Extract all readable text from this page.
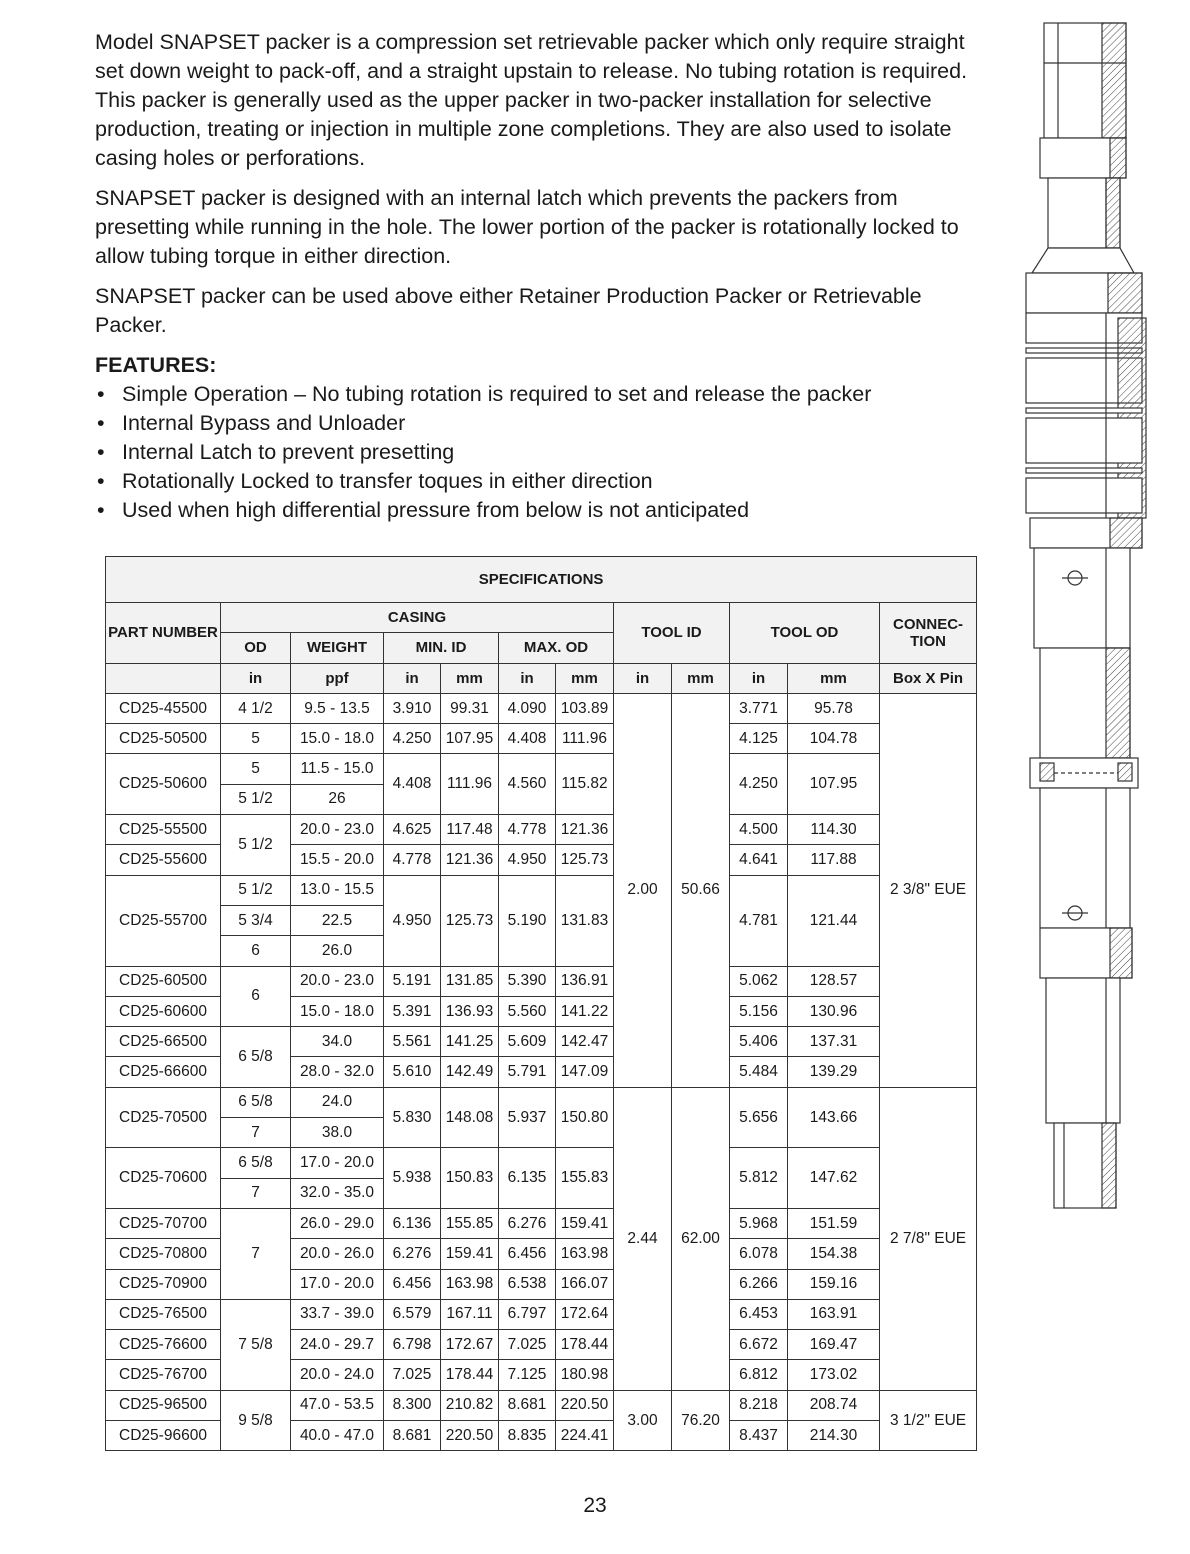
Model SNAPSET packer is a compression set retrievable packer which only require straight set down weight to pack-off, and a straight upstain to release. No tubing rotation is required. This packer is generally used as the upper packer in two-packer installation for selective production, treating or injection in multiple zone completions. They are also used to isolate casing holes or perforations.

SNAPSET packer is designed with an internal latch which prevents the packers from presetting while running in the hole. The lower portion of the packer is rotationally locked to allow tubing torque in either direction.

SNAPSET packer can be used above either Retainer Production Packer or Retrievable Packer.

FEATURES:
• Simple Operation – No tubing rotation is required to set and release the packer
• Internal Bypass and Unloader
• Internal Latch to prevent presetting
• Rotationally Locked to transfer toques in either direction
• Used when high differential pressure from below is not anticipated
SPECIFICATIONS											
PART NUMBER	CASING						TOOL ID		TOOL OD		CONNEC-TION
	OD	WEIGHT	MIN. ID		MAX. OD						
	in	ppf	in	mm	in	mm	in	mm	in	mm	Box X Pin
CD25-45500	4 1/2	9.5 - 13.5	3.910	99.31	4.090	103.89	2.00	50.66	3.771	95.78	2 3/8" EUE
CD25-50500	5	15.0 - 18.0	4.250	107.95	4.408	111.96			4.125	104.78	
CD25-50600	5	11.5 - 15.0	4.408	111.96	4.560	115.82			4.250	107.95	
	5 1/2	26									
CD25-55500	5 1/2	20.0 - 23.0	4.625	117.48	4.778	121.36			4.500	114.30	
CD25-55600		15.5 - 20.0	4.778	121.36	4.950	125.73			4.641	117.88	
CD25-55700	5 1/2	13.0 - 15.5	4.950	125.73	5.190	131.83			4.781	121.44	
	5 3/4	22.5									
	6	26.0									
CD25-60500	6	20.0 - 23.0	5.191	131.85	5.390	136.91			5.062	128.57	
CD25-60600		15.0 - 18.0	5.391	136.93	5.560	141.22			5.156	130.96	
CD25-66500	6 5/8	34.0	5.561	141.25	5.609	142.47			5.406	137.31	
CD25-66600		28.0 - 32.0	5.610	142.49	5.791	147.09			5.484	139.29	
CD25-70500	6 5/8	24.0	5.830	148.08	5.937	150.80	2.44	62.00	5.656	143.66	2 7/8" EUE
	7	38.0									
CD25-70600	6 5/8	17.0 - 20.0	5.938	150.83	6.135	155.83			5.812	147.62	
	7	32.0 - 35.0									
CD25-70700	7	26.0 - 29.0	6.136	155.85	6.276	159.41			5.968	151.59	
CD25-70800		20.0 - 26.0	6.276	159.41	6.456	163.98			6.078	154.38	
CD25-70900		17.0 - 20.0	6.456	163.98	6.538	166.07			6.266	159.16	
CD25-76500	7 5/8	33.7 - 39.0	6.579	167.11	6.797	172.64			6.453	163.91	
CD25-76600		24.0 - 29.7	6.798	172.67	7.025	178.44			6.672	169.47	
CD25-76700		20.0 - 24.0	7.025	178.44	7.125	180.98			6.812	173.02	
CD25-96500	9 5/8	47.0 - 53.5	8.300	210.82	8.681	220.50	3.00	76.20	8.218	208.74	3 1/2" EUE
CD25-96600		40.0 - 47.0	8.681	220.50	8.835	224.41			8.437	214.30	
23
